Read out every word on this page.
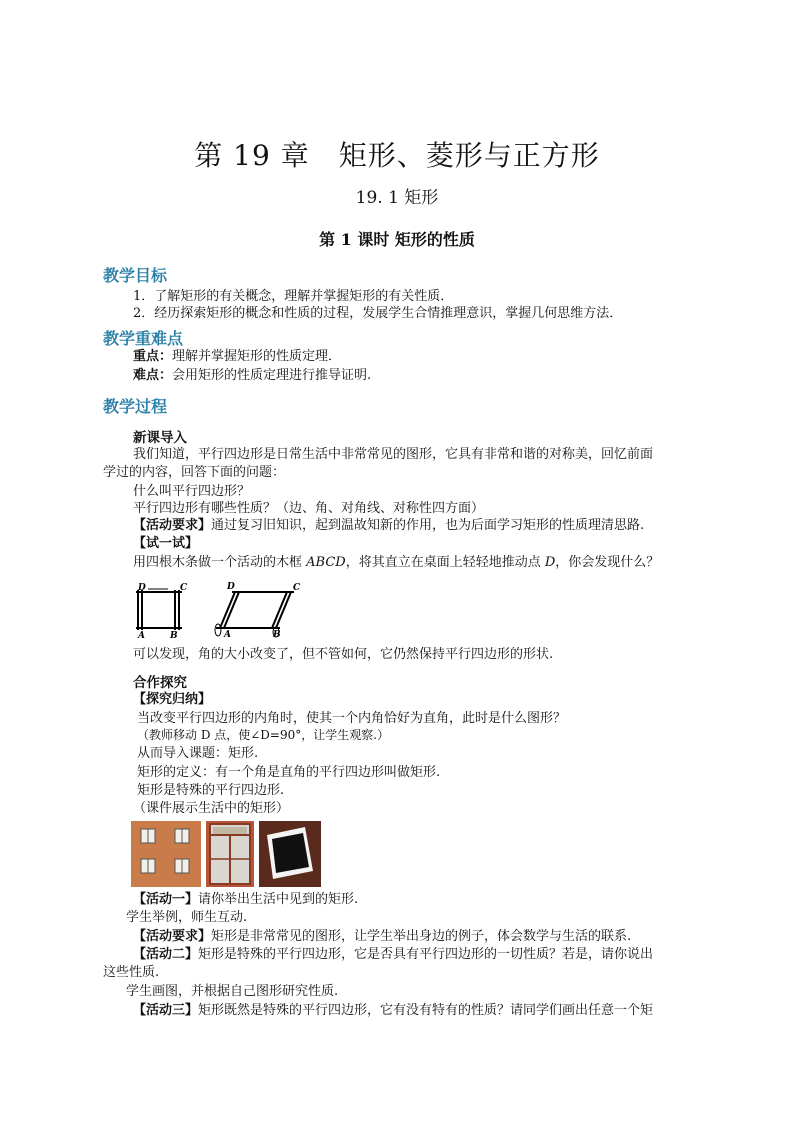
第 19 章　矩形、菱形与正方形
19. 1 矩形
第 1 课时 矩形的性质
教学目标
1．了解矩形的有关概念，理解并掌握矩形的有关性质．
2．经历探索矩形的概念和性质的过程，发展学生合情推理意识，掌握几何思维方法．
教学重难点
重点：理解并掌握矩形的性质定理．
难点：会用矩形的性质定理进行推导证明.
教学过程
新课导入
我们知道，平行四边形是日常生活中非常常见的图形，它具有非常和谐的对称美，回忆前面
学过的内容，回答下面的问题：
什么叫平行四边形？
平行四边形有哪些性质？（边、角、对角线、对称性四方面）
【活动要求】通过复习旧知识，起到温故知新的作用，也为后面学习矩形的性质理清思路.
【试一试】
用四根木条做一个活动的木框 ABCD，将其直立在桌面上轻轻地推动点 D，你会发现什么？
D	C
A	B
D	C
A	B
可以发现，角的大小改变了，但不管如何，它仍然保持平行四边形的形状.
合作探究
【探究归纳】
当改变平行四边形的内角时，使其一个内角恰好为直角，此时是什么图形？
（教师移动 D 点，使∠D=90°，让学生观察.）
从而导入课题：矩形.
矩形的定义：有一个角是直角的平行四边形叫做矩形.
矩形是特殊的平行四边形.
（课件展示生活中的矩形）
【活动一】请你举出生活中见到的矩形.
学生举例，师生互动.
【活动要求】矩形是非常常见的图形，让学生举出身边的例子，体会数学与生活的联系.
【活动二】矩形是特殊的平行四边形，它是否具有平行四边形的一切性质？若是，请你说出
这些性质.
学生画图，并根据自己图形研究性质.
【活动三】矩形既然是特殊的平行四边形，它有没有特有的性质？请同学们画出任意一个矩
